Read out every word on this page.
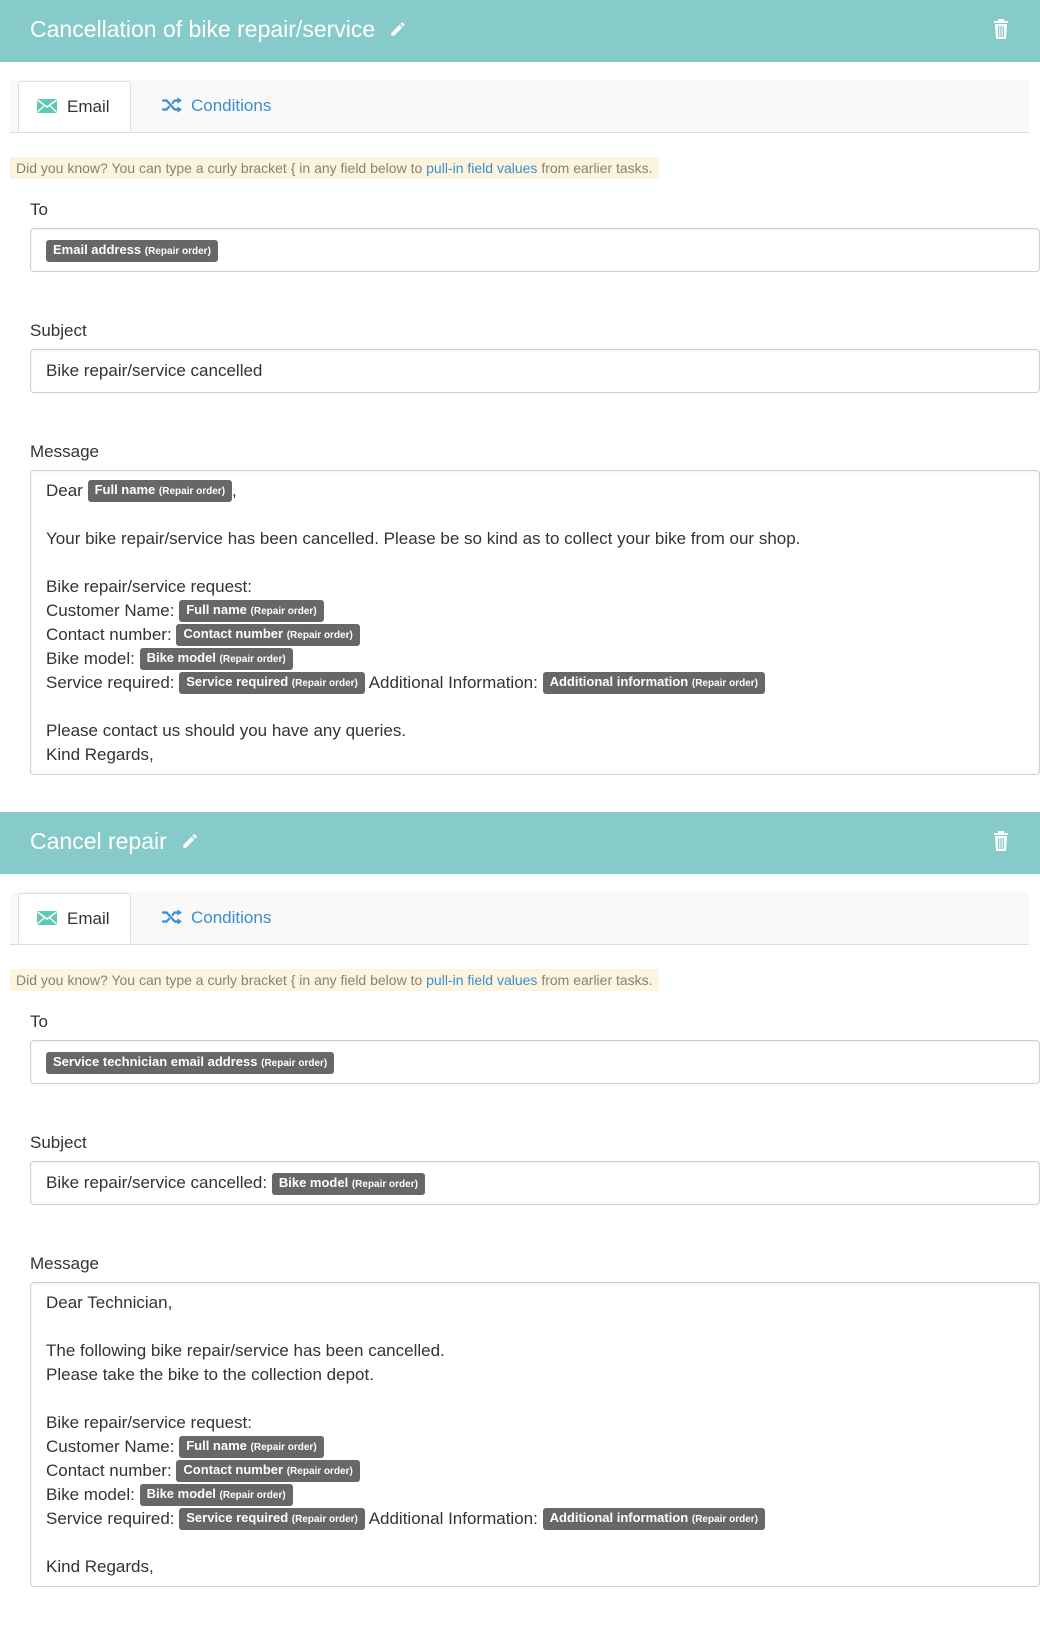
Cancellation of bike repair/service
Email	Conditions
Did you know? You can type a curly bracket { in any field below to pull-in field values from earlier tasks.
To
Email address (Repair order)
Subject
Bike repair/service cancelled
Message
Dear Full name (Repair order) ,
Your bike repair/service has been cancelled. Please be so kind as to collect your bike from our shop.
Bike repair/service request:
Customer Name: Full name (Repair order)
Contact number: Contact number (Repair order)
Bike model: Bike model (Repair order)
Service required: Service required (Repair order) Additional Information: Additional information (Repair order)
Please contact us should you have any queries.
Kind Regards,
Cancel repair
Email	Conditions
Did you know? You can type a curly bracket { in any field below to pull-in field values from earlier tasks.
To
Service technician email address (Repair order)
Subject
Bike repair/service cancelled: Bike model (Repair order)
Message
Dear Technician,
The following bike repair/service has been cancelled.
Please take the bike to the collection depot.
Bike repair/service request:
Customer Name: Full name (Repair order)
Contact number: Contact number (Repair order)
Bike model: Bike model (Repair order)
Service required: Service required (Repair order) Additional Information: Additional information (Repair order)
Kind Regards,
